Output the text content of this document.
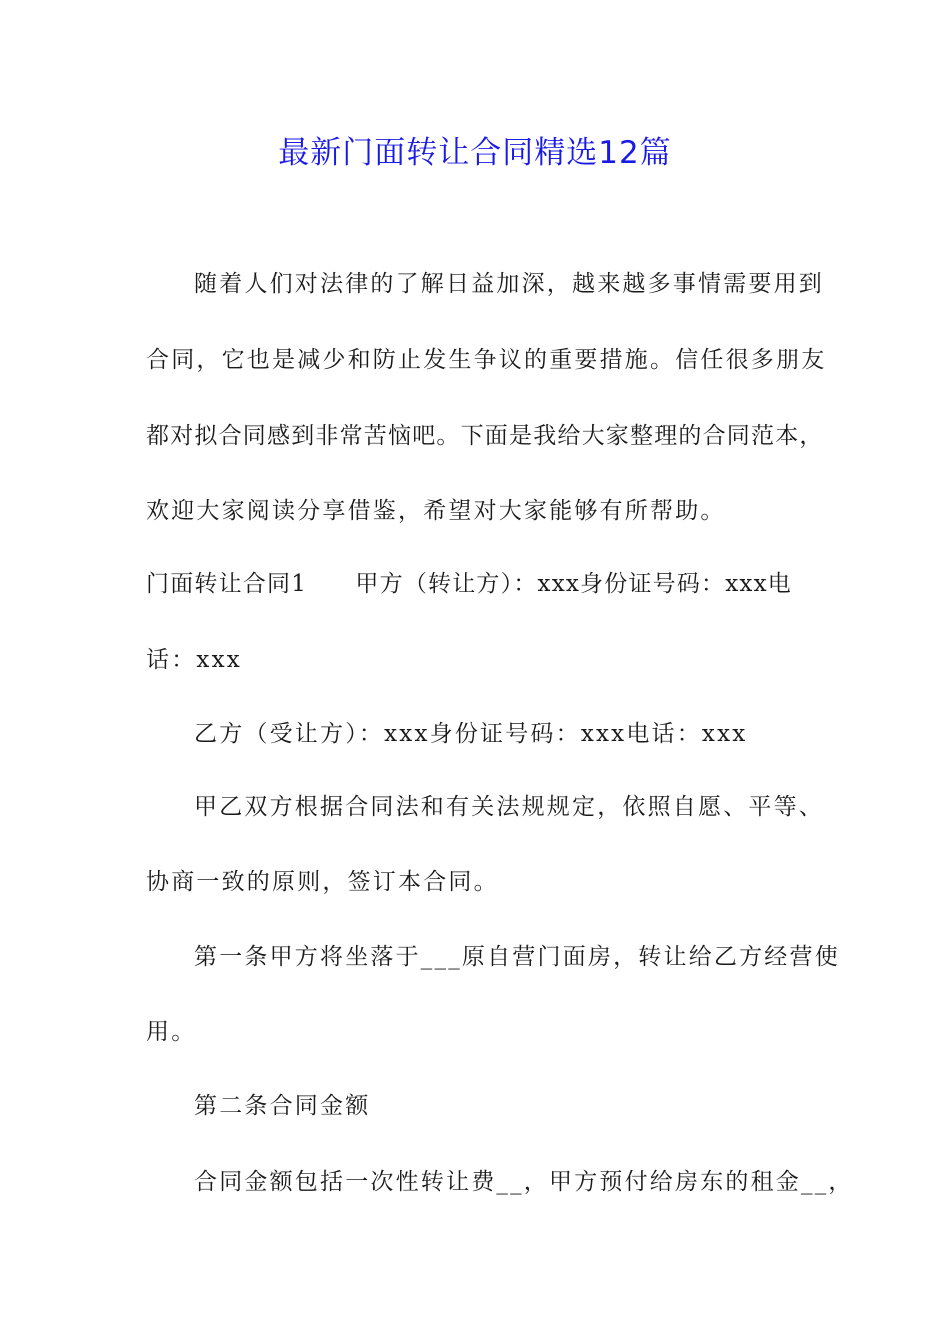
最新门面转让合同精选12篇
随着人们对法律的了解日益加深，越来越多事情需要用到
合同，它也是减少和防止发生争议的重要措施。信任很多朋友
都对拟合同感到非常苦恼吧。下面是我给大家整理的合同范本，
欢迎大家阅读分享借鉴，希望对大家能够有所帮助。
门面转让合同1　　甲方（转让方）：xxx身份证号码：xxx电
话：xxx
乙方（受让方）：xxx身份证号码：xxx电话：xxx
甲乙双方根据合同法和有关法规规定，依照自愿、平等、
协商一致的原则，签订本合同。
第一条甲方将坐落于___原自营门面房，转让给乙方经营使
用。
第二条合同金额
合同金额包括一次性转让费__，甲方预付给房东的租金__，
